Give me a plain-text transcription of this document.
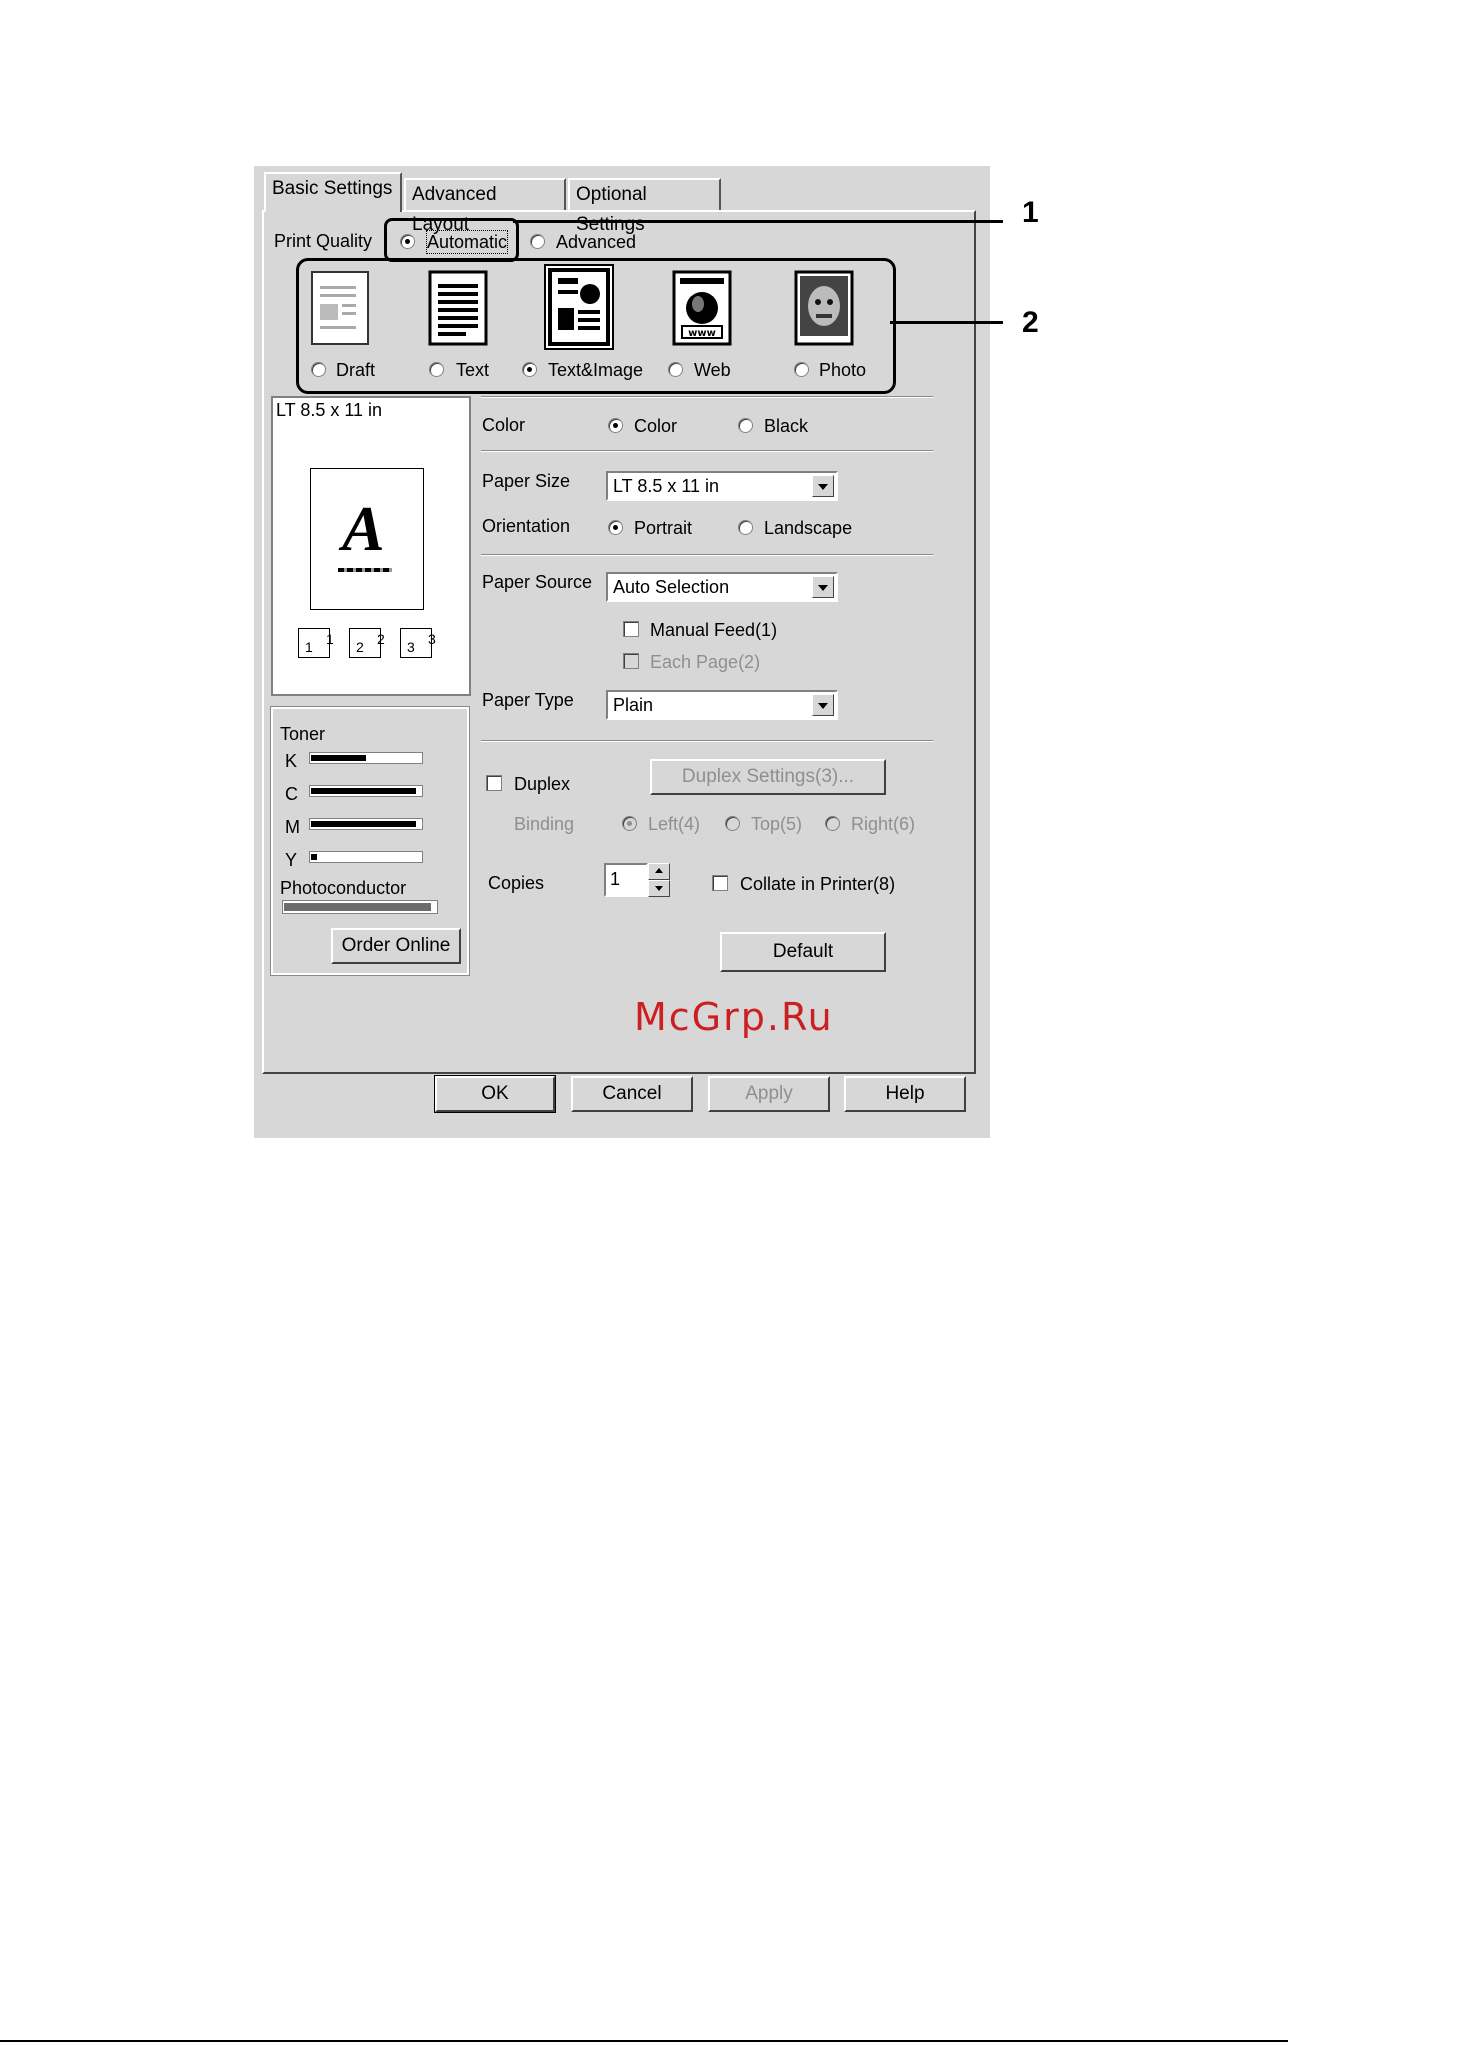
Basic Settings	Advanced Layout
Optional Settings
Print Quality	Automatic	Advanced
1
2
www
Draft	Text	Text&Image	Web	Photo
LT 8.5 x 11 in
A
1 1 2 2 3 3
Toner
K
C
M
Y
Photoconductor
Order Online
Color	Color	Black
Paper Size LT 8.5 x 11 in
Orientation	Portrait	Landscape
Paper Source Auto Selection
Manual Feed(1)
Each Page(2)
Paper Type Plain
Duplex	Duplex Settings(3)...
Binding	Left(4)	Top(5)	Right(6)
Copies	1	Collate in Printer(8)
Default
McGrp.Ru
OK	Cancel	Apply	Help
